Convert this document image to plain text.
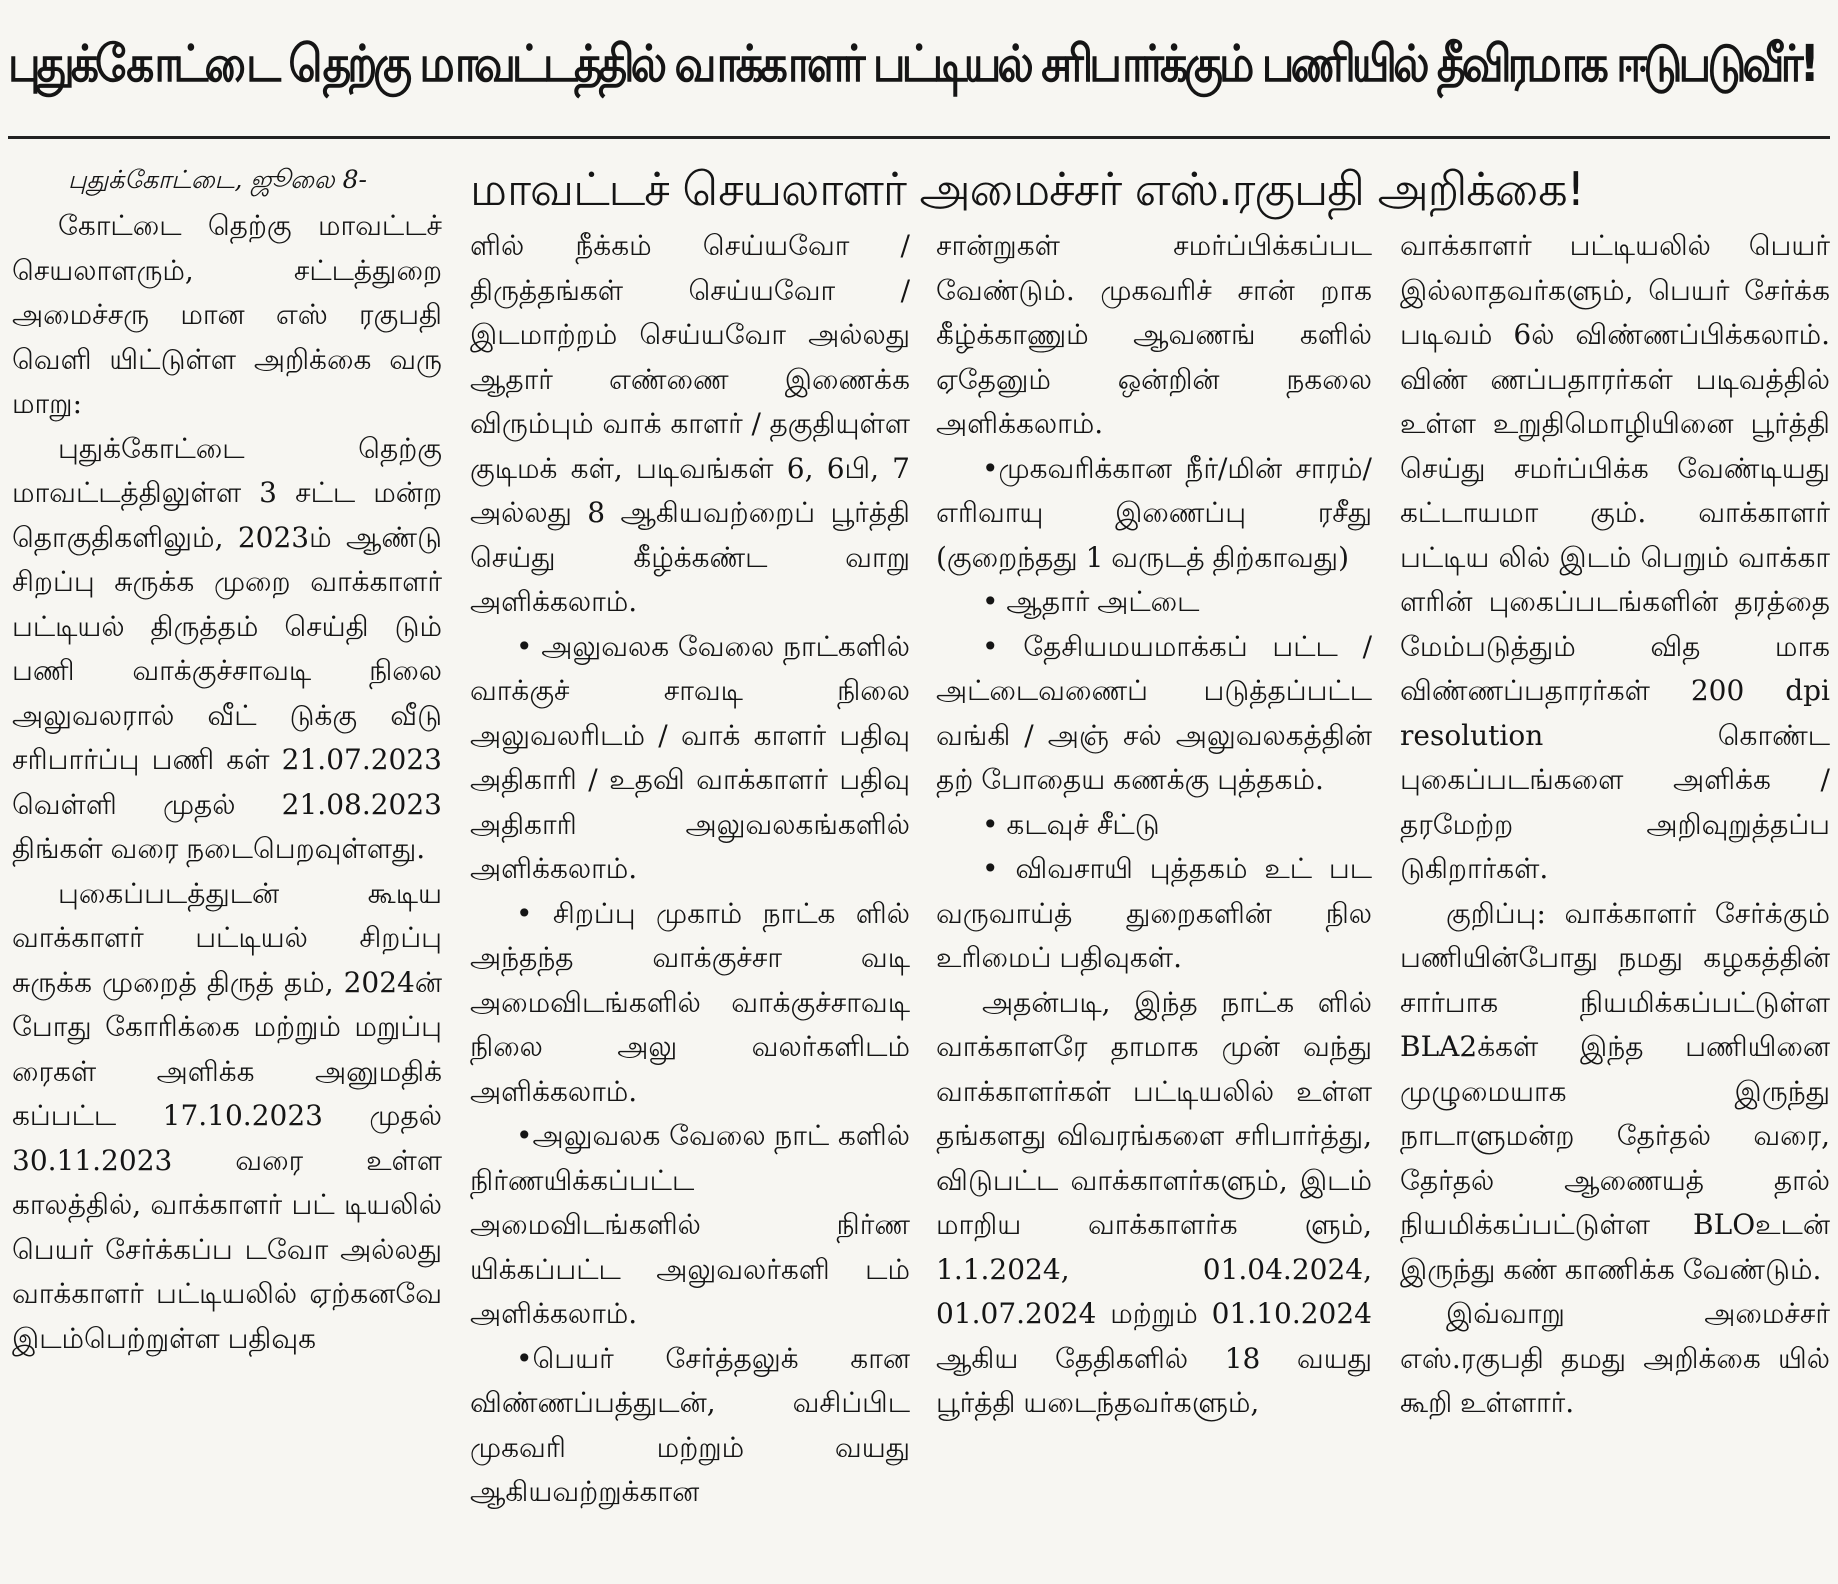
புதுக்கோட்டை தெற்கு மாவட்டத்தில் வாக்காளர் பட்டியல் சரிபார்க்கும் பணியில் தீவிரமாக ஈடுபடுவீர்!
மாவட்டச் செயலாளர் அமைச்சர் எஸ்.ரகுபதி அறிக்கை!
புதுக்கோட்டை, ஜூலை 8-

கோட்டை தெற்கு மாவட்டச் செயலாளரும், சட்டத்துறை அமைச்சரு மான எஸ் ரகுபதி வெளி யிட்டுள்ள அறிக்கை வரு மாறு:

புதுக்கோட்டை தெற்கு மாவட்டத்திலுள்ள 3 சட்ட மன்ற தொகுதிகளிலும், 2023ம் ஆண்டு சிறப்பு சுருக்க முறை வாக்காளர் பட்டியல் திருத்தம் செய்தி டும் பணி வாக்குச்சாவடி நிலை அலுவலரால் வீட் டுக்கு வீடு சரிபார்ப்பு பணி கள் 21.07.2023 வெள்ளி முதல் 21.08.2023 திங்கள் வரை நடைபெறவுள்ளது.

புகைப்படத்துடன் கூடிய வாக்காளர் பட்டியல் சிறப்பு சுருக்க முறைத் திருத் தம், 2024ன் போது கோரிக்கை மற்றும் மறுப்பு ரைகள் அளிக்க அனுமதிக் கப்பட்ட 17.10.2023 முதல் 30.11.2023 வரை உள்ள காலத்தில், வாக்காளர் பட் டியலில் பெயர் சேர்க்கப்ப டவோ அல்லது வாக்காளர் பட்டியலில் ஏற்கனவே இடம்பெற்றுள்ள பதிவுக

ளில் நீக்கம் செய்யவோ / திருத்தங்கள் செய்யவோ / இடமாற்றம் செய்யவோ அல்லது ஆதார் எண்ணை இணைக்க விரும்பும் வாக் காளர் / தகுதியுள்ள குடிமக் கள், படிவங்கள் 6, 6பி, 7 அல்லது 8 ஆகியவற்றைப் பூர்த்தி செய்து கீழ்க்கண்ட வாறு அளிக்கலாம்.

• அலுவலக வேலை நாட்களில் வாக்குச் சாவடி நிலை அலுவலரிடம் / வாக் காளர் பதிவு அதிகாரி / உதவி வாக்காளர் பதிவு அதிகாரி அலுவலகங்களில் அளிக்கலாம்.

• சிறப்பு முகாம் நாட்க ளில் அந்தந்த வாக்குச்சா வடி அமைவிடங்களில் வாக்குச்சாவடி நிலை அலு வலர்களிடம் அளிக்கலாம்.

•அலுவலக வேலை நாட் களில் நிர்ணயிக்கப்பட்ட அமைவிடங்களில் நிர்ண யிக்கப்பட்ட அலுவலர்களி டம் அளிக்கலாம்.

•பெயர் சேர்த்தலுக் கான விண்ணப்பத்துடன், வசிப்பிட முகவரி மற்றும் வயது ஆகியவற்றுக்கான

சான்றுகள் சமர்ப்பிக்கப்பட வேண்டும். முகவரிச் சான் றாக கீழ்க்காணும் ஆவணங் களில் ஏதேனும் ஒன்றின் நகலை அளிக்கலாம்.

•முகவரிக்கான நீர்/மின் சாரம்/எரிவாயு இணைப்பு ரசீது (குறைந்தது 1 வருடத் திற்காவது)

• ஆதார் அட்டை

• தேசியமயமாக்கப் பட்ட / அட்டைவணைப் படுத்தப்பட்ட வங்கி / அஞ் சல் அலுவலகத்தின் தற் போதைய கணக்கு புத்தகம்.

• கடவுச் சீட்டு

• விவசாயி புத்தகம் உட் பட வருவாய்த் துறைகளின் நில உரிமைப் பதிவுகள்.

அதன்படி, இந்த நாட்க ளில் வாக்காளரே தாமாக முன் வந்து வாக்காளர்கள் பட்டியலில் உள்ள தங்களது விவரங்களை சரிபார்த்து, விடுபட்ட வாக்காளர்களும், இடம் மாறிய வாக்காளர்க ளும், 1.1.2024, 01.04.2024, 01.07.2024 மற்றும் 01.10.2024 ஆகிய தேதிகளில் 18 வயது பூர்த்தி யடைந்தவர்களும்,

வாக்காளர் பட்டியலில் பெயர் இல்லாதவர்களும், பெயர் சேர்க்க படிவம் 6ல் விண்ணப்பிக்கலாம். விண் ணப்பதாரர்கள் படிவத்தில் உள்ள உறுதிமொழியினை பூர்த்தி செய்து சமர்ப்பிக்க வேண்டியது கட்டாயமா கும். வாக்காளர் பட்டிய லில் இடம் பெறும் வாக்கா ளரின் புகைப்படங்களின் தரத்தை மேம்படுத்தும் வித மாக விண்ணப்பதாரர்கள் 200 dpi resolution கொண்ட புகைப்படங்களை அளிக்க / தரமேற்ற அறிவுறுத்தப்ப டுகிறார்கள்.

குறிப்பு: வாக்காளர் சேர்க்கும் பணியின்போது நமது கழகத்தின் சார்பாக நியமிக்கப்பட்டுள்ள BLA2க்கள் இந்த பணியினை முழுமையாக இருந்து நாடாளுமன்ற தேர்தல் வரை, தேர்தல் ஆணையத் தால் நியமிக்கப்பட்டுள்ள BLOஉடன் இருந்து கண் காணிக்க வேண்டும்.

இவ்வாறு அமைச்சர் எஸ்.ரகுபதி தமது அறிக்கை யில் கூறி உள்ளார்.
